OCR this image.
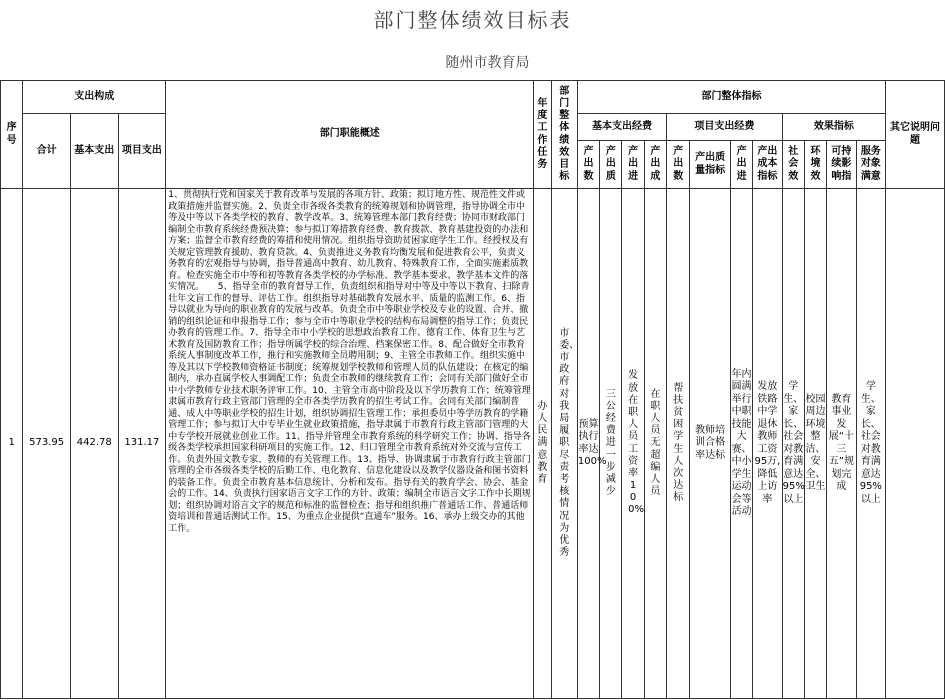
部门整体绩效目标表
随州市教育局
序号	支出构成			部门职能概述	年度工作任务	部门整体绩效目标	部门整体指标												其它说明问题
	合计	基本支出	项目支出				基本支出经费				项目支出经费				效果指标				

							产出数	产出质	产出进	产出成	产出数	产出质量指标	产出进	产出成本指标	社会效	环境效	可持续影响指	服务对象满意	

1	573.95	442.78	131.17	1、贯彻执行党和国家关于教育改革与发展的各项方针、政策；拟订地方性、规范性文件或政策措施并监督实施。2、负责全市各级各类教育的统筹规划和协调管理，指导协调全市中等及中等以下各类学校的教育、教学改革。3、统筹管理本部门教育经费；协同市财政部门编制全市教育系统经费预决算；参与拟订筹措教育经费、教育拨款、教育基建投资的办法和方案；监督全市教育经费的筹措和使用情况。组织指导资助贫困家庭学生工作。经授权及有关规定管理教育援助、教育贷款。4、负责推进义务教育均衡发展和促进教育公平，负责义务教育的宏观指导与协调，指导普通高中教育、幼儿教育、特殊教育工作，全面实施素质教育。检查实施全市中等和初等教育各类学校的办学标准、教学基本要求、教学基本文件的落实情况。　　5、指导全市的教育督导工作，负责组织和指导对中等及中等以下教育、扫除青壮年文盲工作的督导、评估工作。组织指导对基础教育发展水平、质量的监测工作。6、指导以就业为导向的职业教育的发展与改革。负责全市中等职业学校及专业的设置、合并、撤销的组织论证和申报指导工作；参与全市中等职业学校的结构布局调整的指导工作；负责民办教育的管理工作。7、指导全市中小学校的思想政治教育工作、德育工作、体育卫生与艺术教育及国防教育工作；指导所属学校的综合治理、档案保密工作。8、配合做好全市教育系统人事制度改革工作，推行和实施教师全员聘用制；9、主管全市教师工作。组织实施中等及其以下学校教师资格证书制度；统筹规划学校教师和管理人员的队伍建设；在核定的编制内，承办直属学校人事调配工作；负责全市教师的继续教育工作；会同有关部门做好全市中小学教师专业技术职务评审工作。10、主管全市高中阶段及以下学历教育工作；统筹管理隶属市教育行政主管部门管理的全市各类学历教育的招生考试工作。会同有关部门编制普通、成人中等职业学校的招生计划，组织协调招生管理工作；承担委员中等学历教育的学籍管理工作；参与拟订大中专毕业生就业政策措施，指导隶属于市教育行政主管部门管理的大中专学校开展就业创业工作。11、指导并管理全市教育系统的科学研究工作；协调、指导各级各类学校承担国家科研项目的实施工作。12、归口管理全市教育系统对外交流与宣传工作。负责外国文教专家、教师的有关管理工作。13、指导、协调隶属于市教育行政主管部门管理的全市各级各类学校的后勤工作、电化教育、信息化建设以及教学仪器设备和图书资料的装备工作。负责全市教育基本信息统计、分析和发布。指导有关的教育学会、协会、基金会的工作。14、负责执行国家语言文字工作的方针、政策；编制全市语言文字工作中长期规划；组织协调对语言文字的规范和标准的监督检查；指导和组织推广普通话工作、普通话师资培训和普通话测试工作。15、为重点企业提供“直通车”服务。16、承办上级交办的其他工作。	办人民满意教育	市委、市政府对我局履职尽责考核情况为优秀	预算执行率达100%	三公经费进一步减少	发放在职人员工资率100%	在职人员无超编人员	帮扶贫困学生人次达标	教师培训合格率达标	年内圆满举行中职技能大赛、中小学生运动会等活动	发放铁路中学退休教师工资95万,降低上访率	学生、家长、社会对教育满意达95%以上	校园周边环境整洁、安全、卫生	教育事业发展“十三五”规划完成	学生、家长、社会对教育满意达95%以上	
